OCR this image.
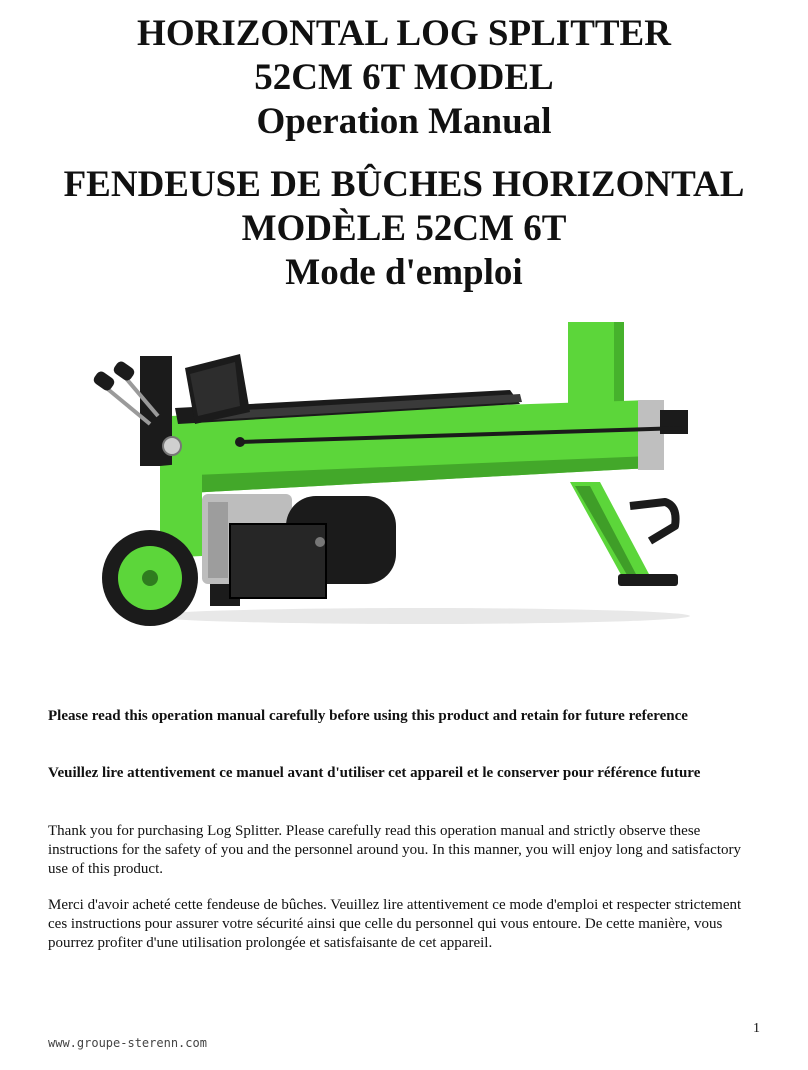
HORIZONTAL LOG SPLITTER

52CM 6T MODEL

Operation Manual

FENDEUSE DE BÛCHES HORIZONTAL

MODÈLE 52CM 6T

Mode d'emploi

Please read this operation manual carefully before using this product and retain for future reference
Veuillez lire attentivement ce manuel avant d'utiliser cet appareil et le conserver pour référence future
Thank you for purchasing Log Splitter. Please carefully read this operation manual and strictly observe these instructions for the safety of you and the personnel around you. In this manner, you will enjoy long and satisfactory use of this product.
Merci d'avoir acheté cette fendeuse de bûches. Veuillez lire attentivement ce mode d'emploi et respecter strictement ces instructions pour assurer votre sécurité ainsi que celle du personnel qui vous entoure. De cette manière, vous pourrez profiter d'une utilisation prolongée et satisfaisante de cet appareil.
1
www.groupe-sterenn.com
